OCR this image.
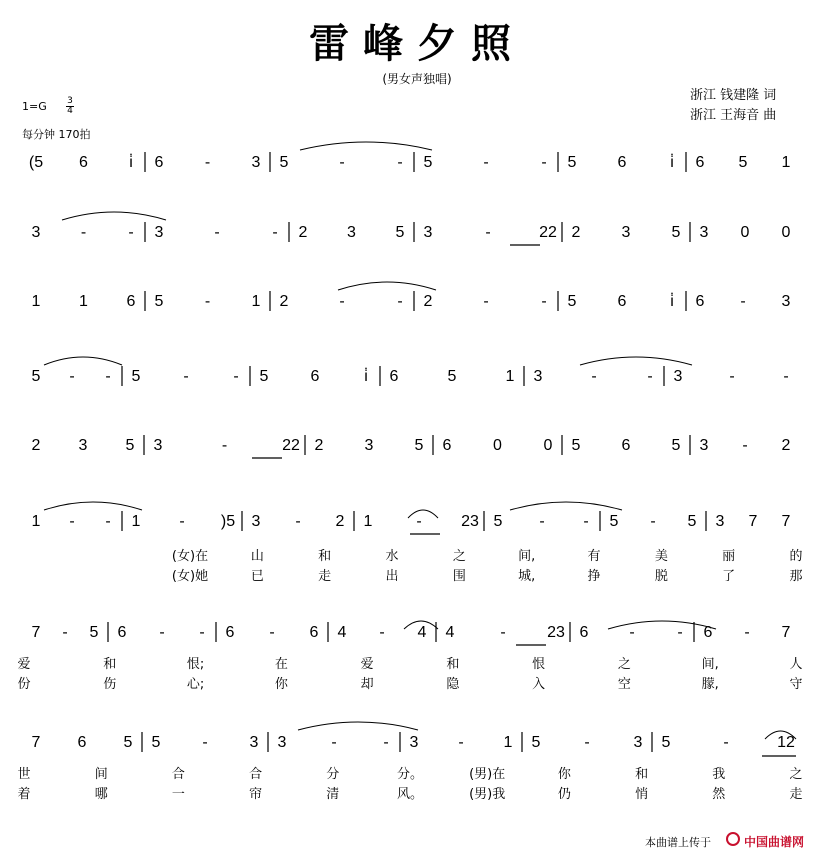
雷峰夕照
(男女声独唱)
浙江 钱建隆 词
浙江 王海音 曲
$1=G \frac{3}{4}$
每分钟 170拍
(5 6	i̇ 6	-	3 5	-	- 5	-	- 5	6	i̇ 6 5 1
3	-	- 3	-	- 2 3 5 3	-	22 2	3	5 3 0 0
1 1 6 5	-	1 2	-	- 2	-	- 5	6	i̇ 6 - 3
5 - - 5	-	- 5	6	i̇ 6	5	1 3	-	- 3	-	-
2 3 5 3	-	22 2	3	5 6	0	0 5	6	5 3 - 2
1 - - 1 - )5 3 - 2 1	- 23 5 - - 5 - 5 3 7 7
7 - 5 6 - - 6 - 6 4 - 4 4	-	23 6	-	- 6 - 7
7 6 5 5	-	3 3	-	- 3 - 1 5	-	3 5	-	12
(女)在	山	和	水	之	间,	有	美	丽	的
(女)她	已	走	出	围	城,	挣	脱	了	那
爱	和	恨;	在	爱	和	恨	之	间,	人
份	伤	心;	你	却	隐	入	空	朦,	守
世	间	合	合	分	分。	(男)在	你	和	我	之
着	哪	一	帘	清	风。	(男)我	仍	悄	然	走
本曲谱上传于	中国曲谱网
